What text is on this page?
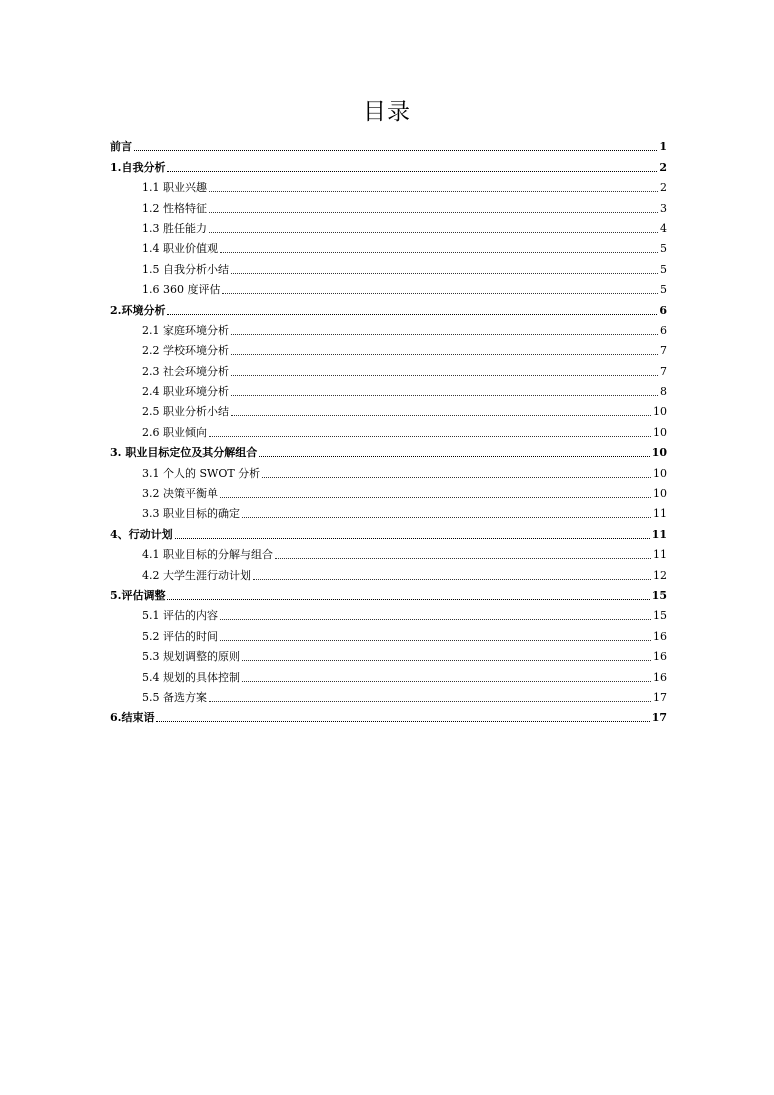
目录
前言	1
1.自我分析	2
1.1 职业兴趣	2
1.2 性格特征	3
1.3 胜任能力	4
1.4 职业价值观	5
1.5 自我分析小结	5
1.6 360 度评估	5
2.环境分析	6
2.1 家庭环境分析	6
2.2 学校环境分析	7
2.3 社会环境分析	7
2.4 职业环境分析	8
2.5 职业分析小结	10
2.6 职业倾向	10
3. 职业目标定位及其分解组合	10
3.1 个人的 SWOT 分析	10
3.2 决策平衡单	10
3.3 职业目标的确定	11
4、行动计划	11
4.1 职业目标的分解与组合	11
4.2 大学生涯行动计划	12
5.评估调整	15
5.1 评估的内容	15
5.2 评估的时间	16
5.3 规划调整的原则	16
5.4 规划的具体控制	16
5.5 备选方案	17
6.结束语	17
